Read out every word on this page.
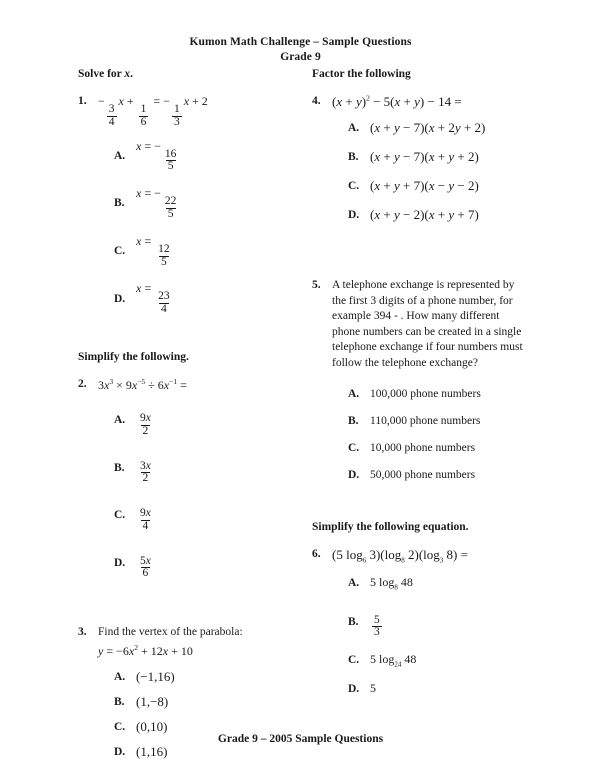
Kumon Math Challenge – Sample Questions
Grade 9
Solve for x.
1. −
$\frac{3}{4}$
x +
$\frac{1}{6}$
= −
$\frac{1}{3}$
x + 2
A.
x = −
$\frac{16}{5}$
B.
x = −
$\frac{22}{5}$
C.
x =
$\frac{12}{5}$
D.
x =
$\frac{23}{4}$
Simplify the following.
2. $3x^3 \times 9x^{-5} \div 6x^{-1}$ =
A.	$\frac{9x}{2}$
B.	$\frac{3x}{2}$
C.	$\frac{9x}{4}$
D.	$\frac{5x}{6}$
3. Find the vertex of the parabola:
$y = -6x^2 + 12x + 10$
A. (−1,16)
B. (1,−8)
C. (0,10)
D. (1,16)
Factor the following
4. $(x + y)^2 - 5(x + y) - 14$ =
A. (x + y − 7)(x + 2y + 2)
B. (x + y − 7)(x + y + 2)
C. (x + y + 7)(x − y − 2)
D. (x + y − 2)(x + y + 7)
5. A telephone exchange is represented by the first 3 digits of a phone number, for example 394 - . How many different phone numbers can be created in a single telephone exchange if four numbers must follow the telephone exchange?
A. 100,000 phone numbers
B. 110,000 phone numbers
C. 10,000 phone numbers
D. 50,000 phone numbers
Simplify the following equation.
6. (5 $\log_6 3)(\log_8$ $2)(\log_3$ 8) =
A. 5 $\log_8 48$
B.	$\frac{5}{3}$
C. 5 $\log_{24} 48$
D. 5
Grade 9 – 2005 Sample Questions
